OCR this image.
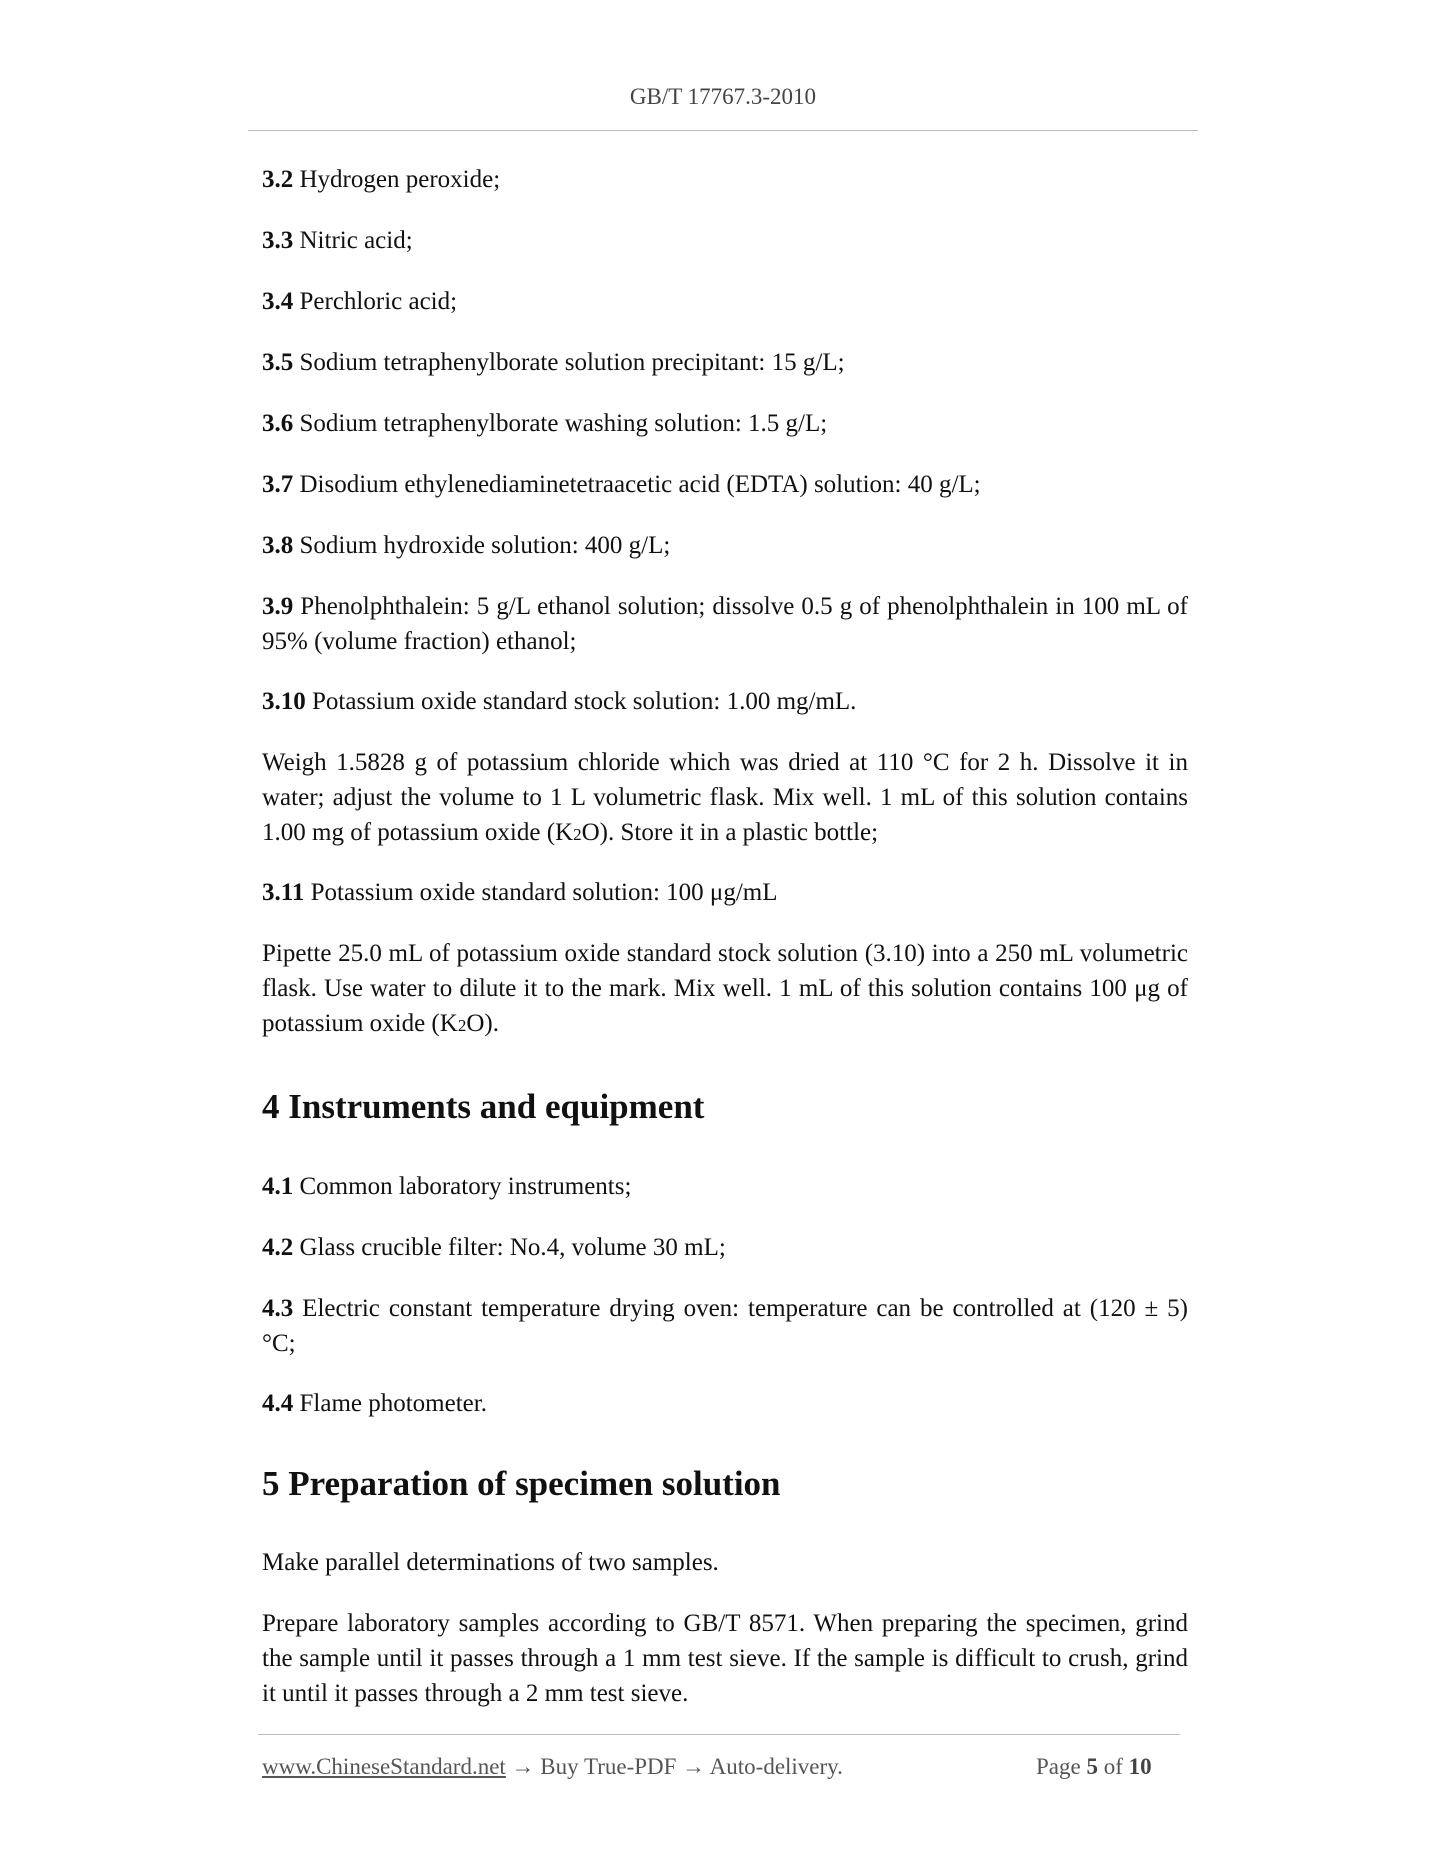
GB/T 17767.3-2010

3.2 Hydrogen peroxide;

3.3 Nitric acid;

3.4 Perchloric acid;

3.5 Sodium tetraphenylborate solution precipitant: 15 g/L;

3.6 Sodium tetraphenylborate washing solution: 1.5 g/L;

3.7 Disodium ethylenediaminetetraacetic acid (EDTA) solution: 40 g/L;

3.8 Sodium hydroxide solution: 400 g/L;

3.9 Phenolphthalein: 5 g/L ethanol solution; dissolve 0.5 g of phenolphthalein in 100 mL of 95% (volume fraction) ethanol;

3.10 Potassium oxide standard stock solution: 1.00 mg/mL.

Weigh 1.5828 g of potassium chloride which was dried at 110 °C for 2 h. Dissolve it in water; adjust the volume to 1 L volumetric flask. Mix well. 1 mL of this solution contains 1.00 mg of potassium oxide (K2O). Store it in a plastic bottle;

3.11 Potassium oxide standard solution: 100 μg/mL

Pipette 25.0 mL of potassium oxide standard stock solution (3.10) into a 250 mL volumetric flask. Use water to dilute it to the mark. Mix well. 1 mL of this solution contains 100 μg of potassium oxide (K2O).

4 Instruments and equipment

4.1 Common laboratory instruments;

4.2 Glass crucible filter: No.4, volume 30 mL;

4.3 Electric constant temperature drying oven: temperature can be controlled at (120 ± 5) °C;

4.4 Flame photometer.

5 Preparation of specimen solution

Make parallel determinations of two samples.

Prepare laboratory samples according to GB/T 8571. When preparing the specimen, grind the sample until it passes through a 1 mm test sieve. If the sample is difficult to crush, grind it until it passes through a 2 mm test sieve.

www.ChineseStandard.net → Buy True-PDF → Auto-delivery.	Page 5 of 10
